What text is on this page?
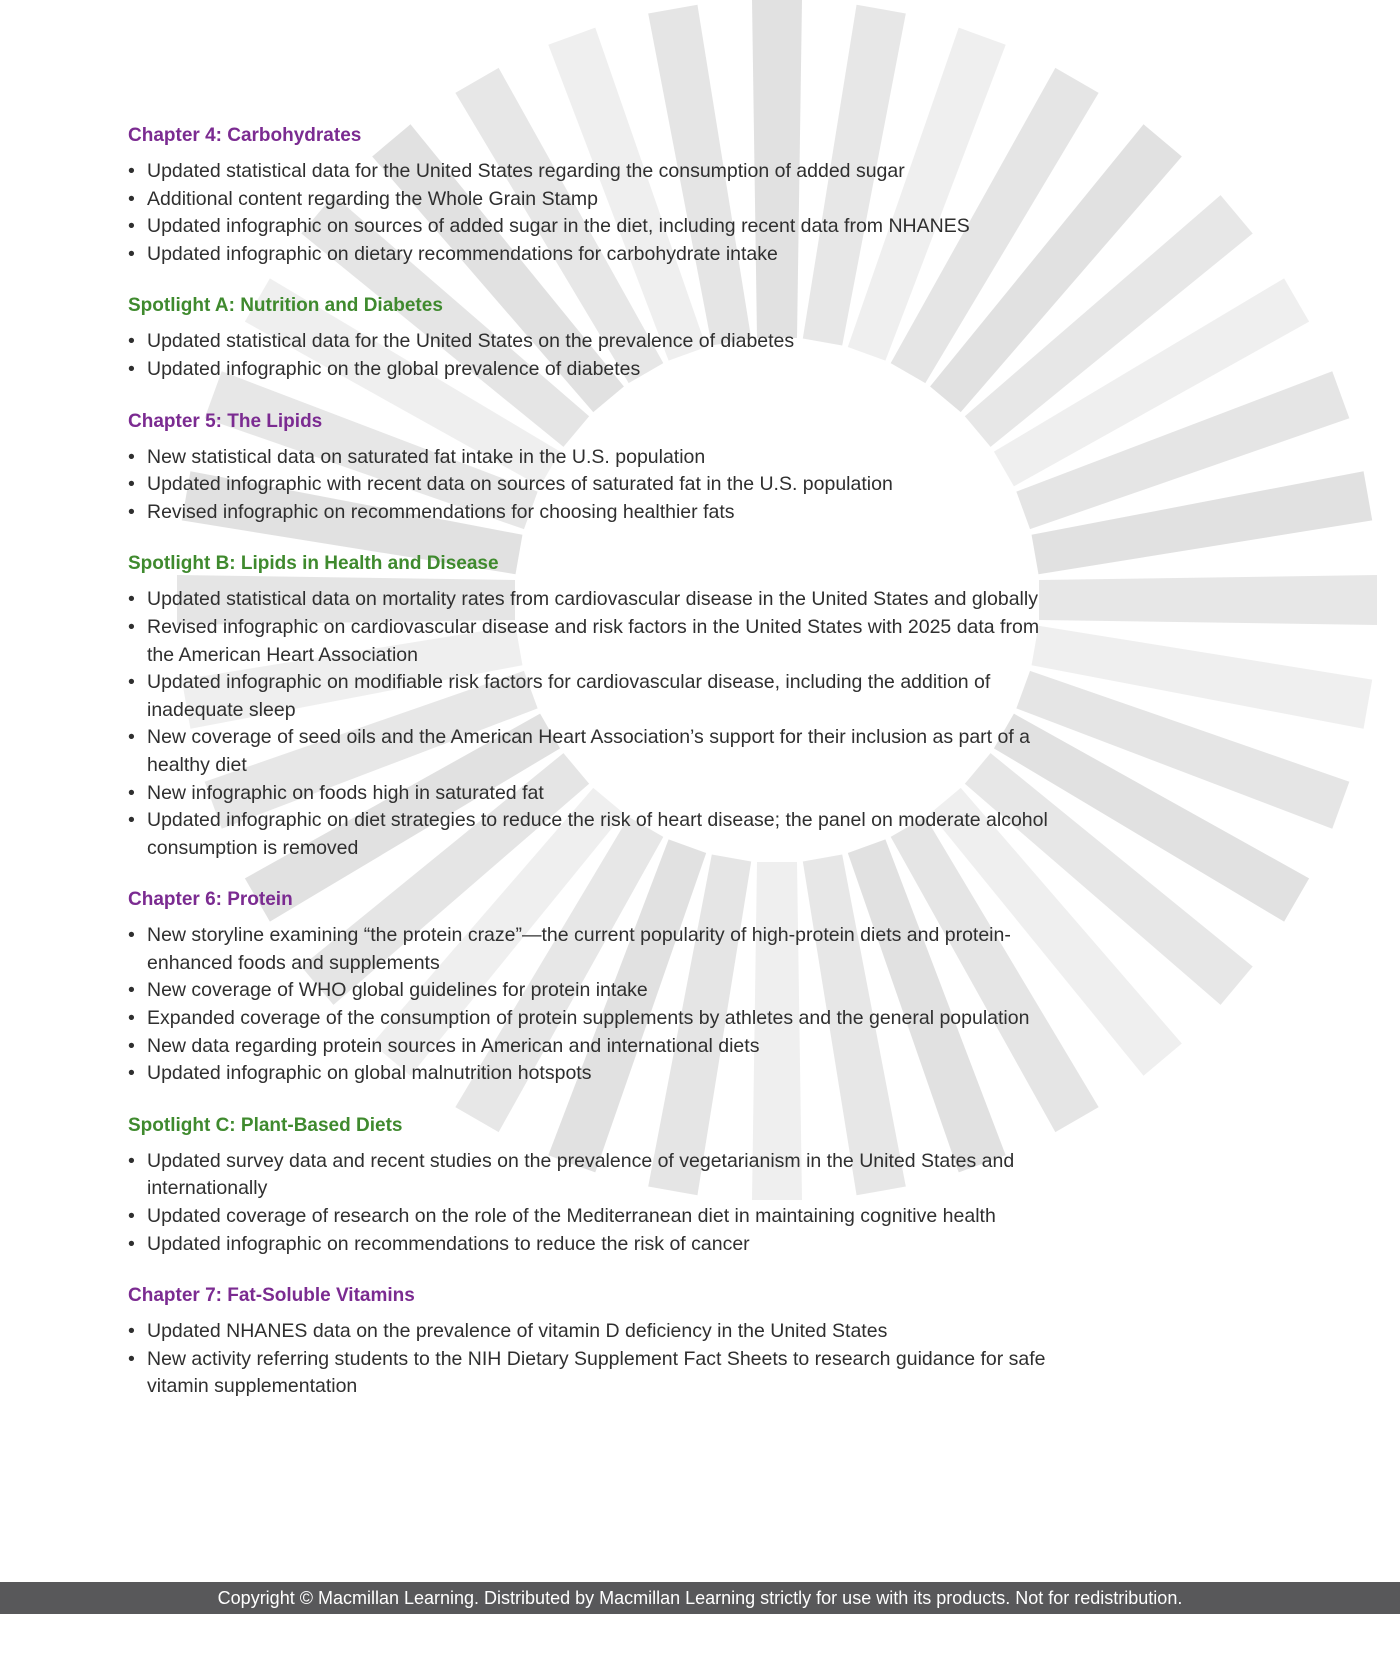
Chapter 4: Carbohydrates
• Updated statistical data for the United States regarding the consumption of added sugar
• Additional content regarding the Whole Grain Stamp
• Updated infographic on sources of added sugar in the diet, including recent data from NHANES
• Updated infographic on dietary recommendations for carbohydrate intake
Spotlight A: Nutrition and Diabetes
• Updated statistical data for the United States on the prevalence of diabetes
• Updated infographic on the global prevalence of diabetes
Chapter 5: The Lipids
• New statistical data on saturated fat intake in the U.S. population
• Updated infographic with recent data on sources of saturated fat in the U.S. population
• Revised infographic on recommendations for choosing healthier fats
Spotlight B: Lipids in Health and Disease
• Updated statistical data on mortality rates from cardiovascular disease in the United States and globally
• Revised infographic on cardiovascular disease and risk factors in the United States with 2025 data from the American Heart Association
• Updated infographic on modifiable risk factors for cardiovascular disease, including the addition of inadequate sleep
• New coverage of seed oils and the American Heart Association’s support for their inclusion as part of a healthy diet
• New infographic on foods high in saturated fat
• Updated infographic on diet strategies to reduce the risk of heart disease; the panel on moderate alcohol consumption is removed
Chapter 6: Protein
• New storyline examining “the protein craze”—the current popularity of high-protein diets and protein-enhanced foods and supplements
• New coverage of WHO global guidelines for protein intake
• Expanded coverage of the consumption of protein supplements by athletes and the general population
• New data regarding protein sources in American and international diets
• Updated infographic on global malnutrition hotspots
Spotlight C: Plant-Based Diets
• Updated survey data and recent studies on the prevalence of vegetarianism in the United States and internationally
• Updated coverage of research on the role of the Mediterranean diet in maintaining cognitive health
• Updated infographic on recommendations to reduce the risk of cancer
Chapter 7: Fat-Soluble Vitamins
• Updated NHANES data on the prevalence of vitamin D deficiency in the United States
• New activity referring students to the NIH Dietary Supplement Fact Sheets to research guidance for safe vitamin supplementation
Copyright © Macmillan Learning. Distributed by Macmillan Learning strictly for use with its products. Not for redistribution.
